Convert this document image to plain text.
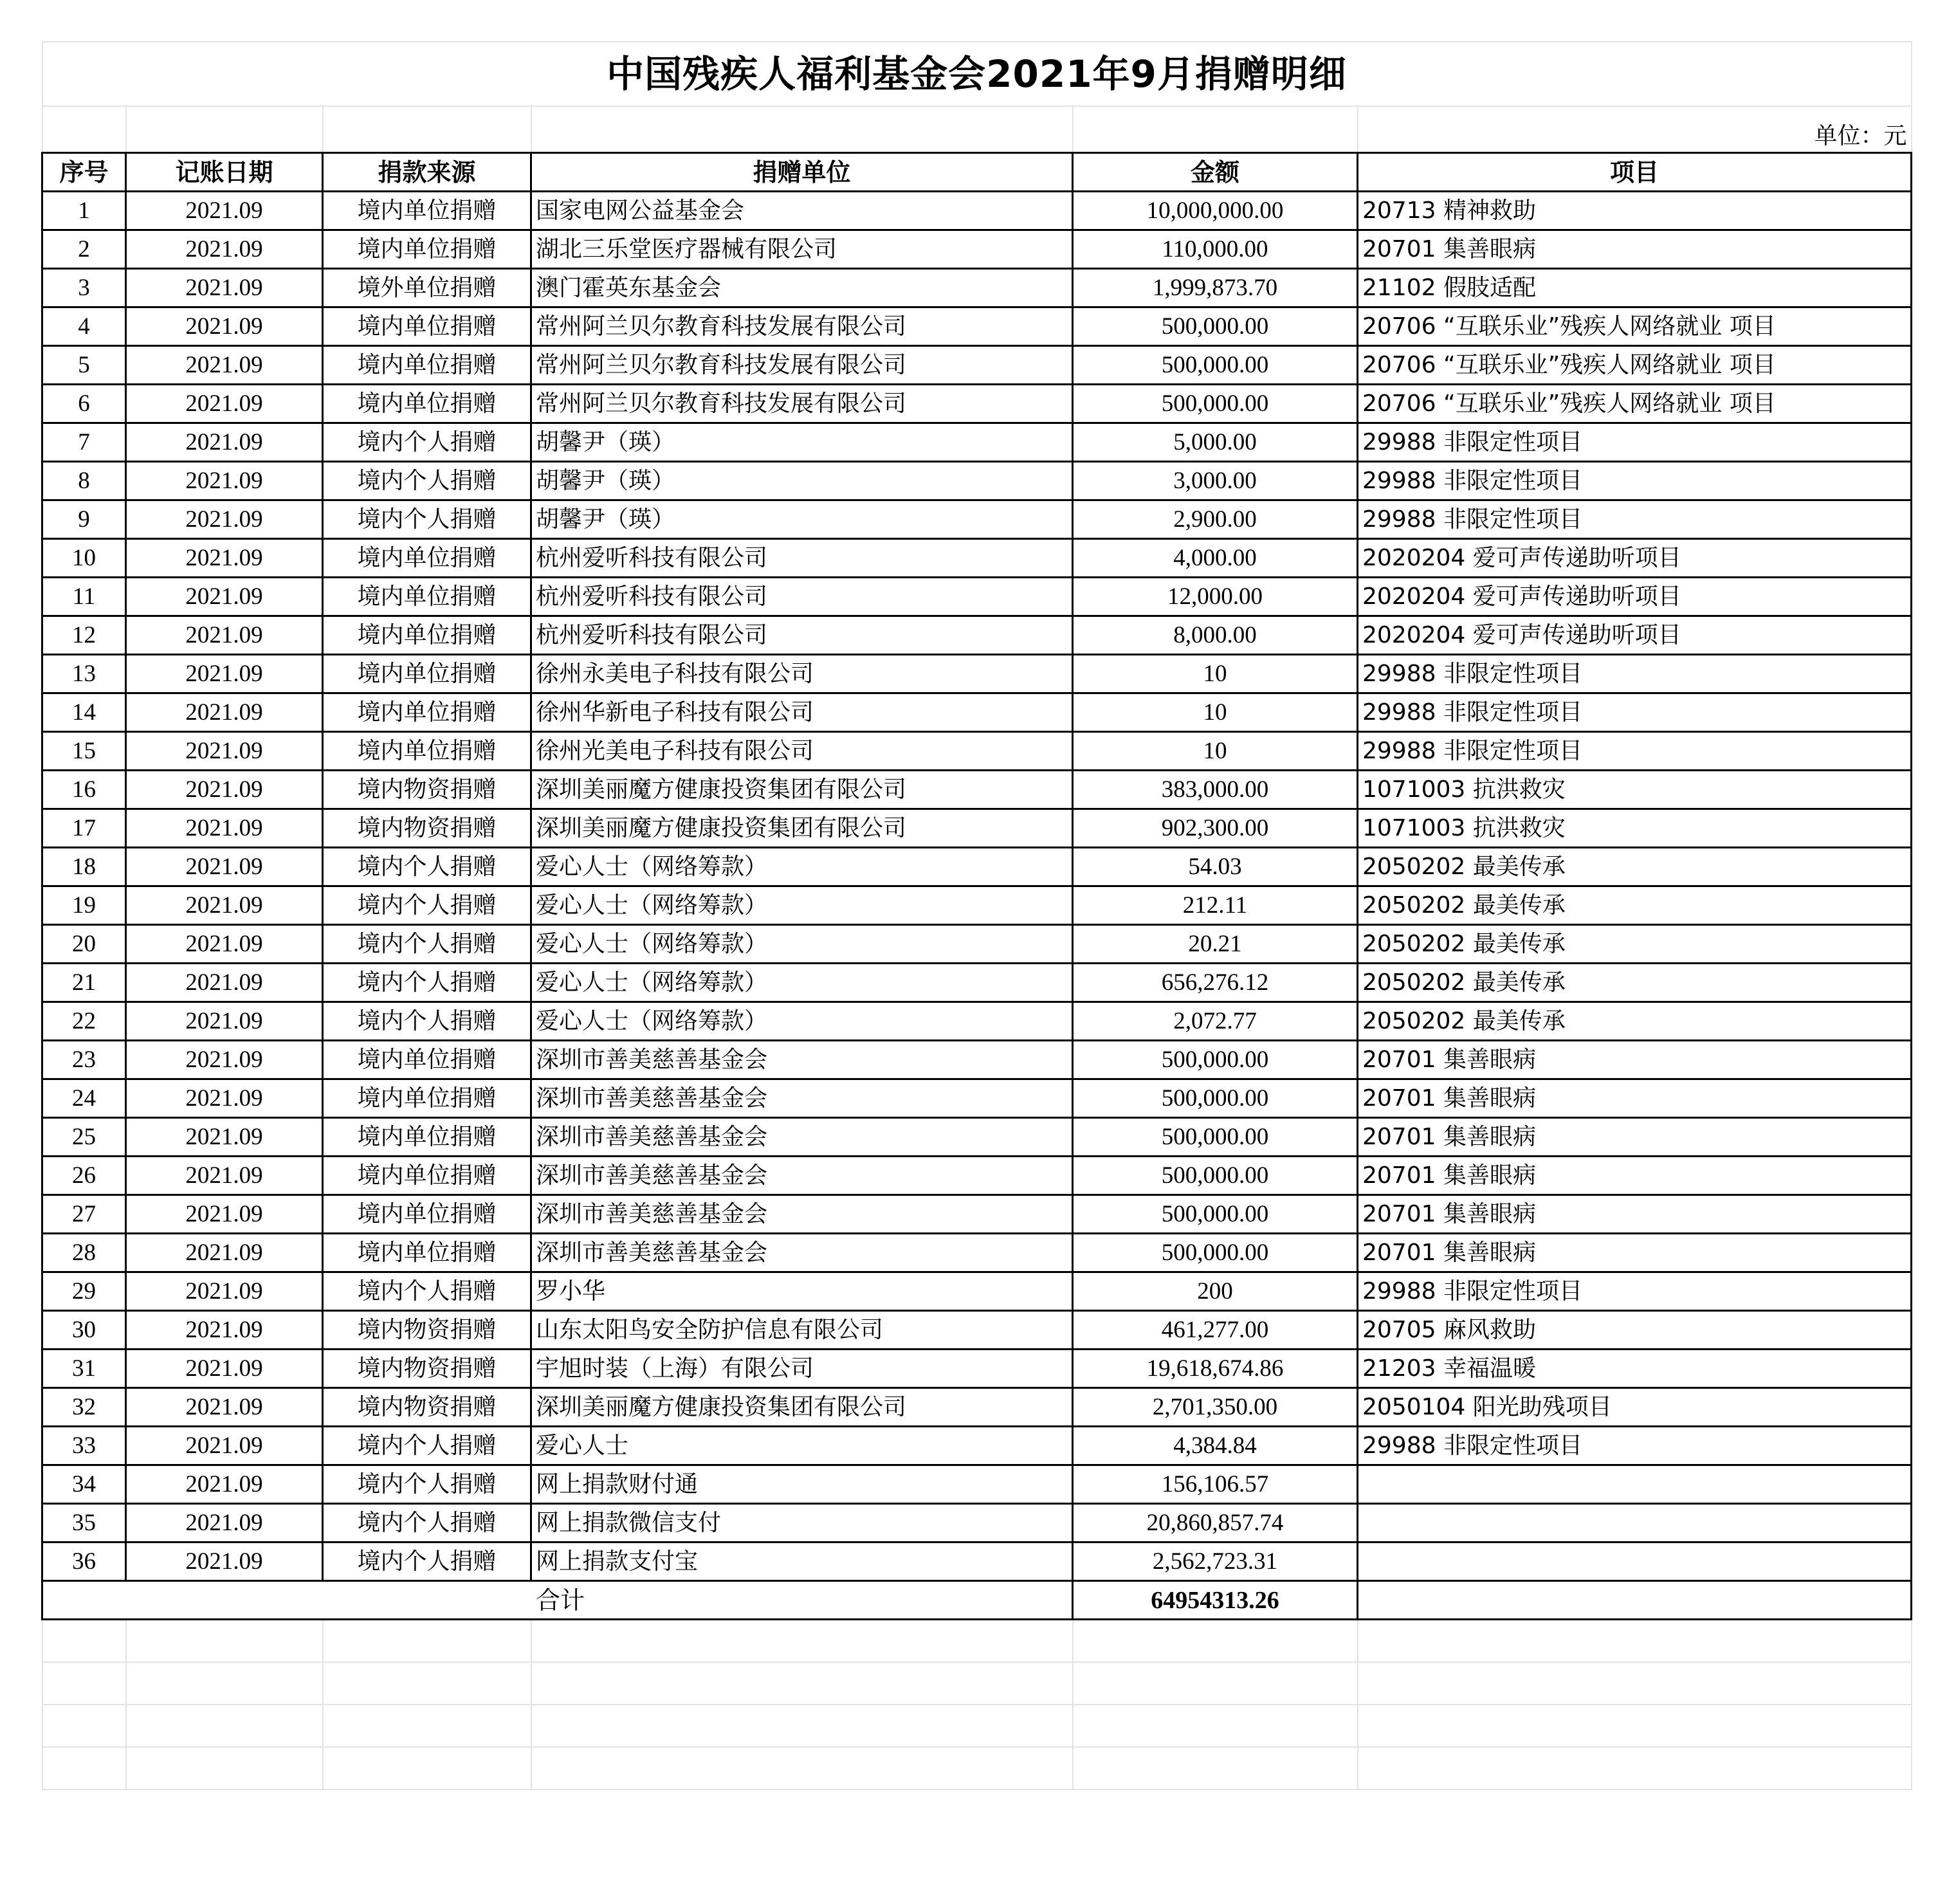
中国残疾人福利基金会2021年9月捐赠明细					
					单位：元
序号	记账日期	捐款来源	捐赠单位	金额	项目
1	2021.09	境内单位捐赠	国家电网公益基金会	10,000,000.00	20713 精神救助
2	2021.09	境内单位捐赠	湖北三乐堂医疗器械有限公司	110,000.00	20701 集善眼病
3	2021.09	境外单位捐赠	澳门霍英东基金会	1,999,873.70	21102 假肢适配
4	2021.09	境内单位捐赠	常州阿兰贝尔教育科技发展有限公司	500,000.00	20706 “互联乐业”残疾人网络就业 项目
5	2021.09	境内单位捐赠	常州阿兰贝尔教育科技发展有限公司	500,000.00	20706 “互联乐业”残疾人网络就业 项目
6	2021.09	境内单位捐赠	常州阿兰贝尔教育科技发展有限公司	500,000.00	20706 “互联乐业”残疾人网络就业 项目
7	2021.09	境内个人捐赠	胡馨尹（瑛）	5,000.00	29988 非限定性项目
8	2021.09	境内个人捐赠	胡馨尹（瑛）	3,000.00	29988 非限定性项目
9	2021.09	境内个人捐赠	胡馨尹（瑛）	2,900.00	29988 非限定性项目
10	2021.09	境内单位捐赠	杭州爱听科技有限公司	4,000.00	2020204 爱可声传递助听项目
11	2021.09	境内单位捐赠	杭州爱听科技有限公司	12,000.00	2020204 爱可声传递助听项目
12	2021.09	境内单位捐赠	杭州爱听科技有限公司	8,000.00	2020204 爱可声传递助听项目
13	2021.09	境内单位捐赠	徐州永美电子科技有限公司	10	29988 非限定性项目
14	2021.09	境内单位捐赠	徐州华新电子科技有限公司	10	29988 非限定性项目
15	2021.09	境内单位捐赠	徐州光美电子科技有限公司	10	29988 非限定性项目
16	2021.09	境内物资捐赠	深圳美丽魔方健康投资集团有限公司	383,000.00	1071003 抗洪救灾
17	2021.09	境内物资捐赠	深圳美丽魔方健康投资集团有限公司	902,300.00	1071003 抗洪救灾
18	2021.09	境内个人捐赠	爱心人士（网络筹款）	54.03	2050202 最美传承
19	2021.09	境内个人捐赠	爱心人士（网络筹款）	212.11	2050202 最美传承
20	2021.09	境内个人捐赠	爱心人士（网络筹款）	20.21	2050202 最美传承
21	2021.09	境内个人捐赠	爱心人士（网络筹款）	656,276.12	2050202 最美传承
22	2021.09	境内个人捐赠	爱心人士（网络筹款）	2,072.77	2050202 最美传承
23	2021.09	境内单位捐赠	深圳市善美慈善基金会	500,000.00	20701 集善眼病
24	2021.09	境内单位捐赠	深圳市善美慈善基金会	500,000.00	20701 集善眼病
25	2021.09	境内单位捐赠	深圳市善美慈善基金会	500,000.00	20701 集善眼病
26	2021.09	境内单位捐赠	深圳市善美慈善基金会	500,000.00	20701 集善眼病
27	2021.09	境内单位捐赠	深圳市善美慈善基金会	500,000.00	20701 集善眼病
28	2021.09	境内单位捐赠	深圳市善美慈善基金会	500,000.00	20701 集善眼病
29	2021.09	境内个人捐赠	罗小华	200	29988 非限定性项目
30	2021.09	境内物资捐赠	山东太阳鸟安全防护信息有限公司	461,277.00	20705 麻风救助
31	2021.09	境内物资捐赠	宇旭时装（上海）有限公司	19,618,674.86	21203 幸福温暖
32	2021.09	境内物资捐赠	深圳美丽魔方健康投资集团有限公司	2,701,350.00	2050104 阳光助残项目
33	2021.09	境内个人捐赠	爱心人士	4,384.84	29988 非限定性项目
34	2021.09	境内个人捐赠	网上捐款财付通	156,106.57	
35	2021.09	境内个人捐赠	网上捐款微信支付	20,860,857.74	
36	2021.09	境内个人捐赠	网上捐款支付宝	2,562,723.31	
合计				64954313.26	
